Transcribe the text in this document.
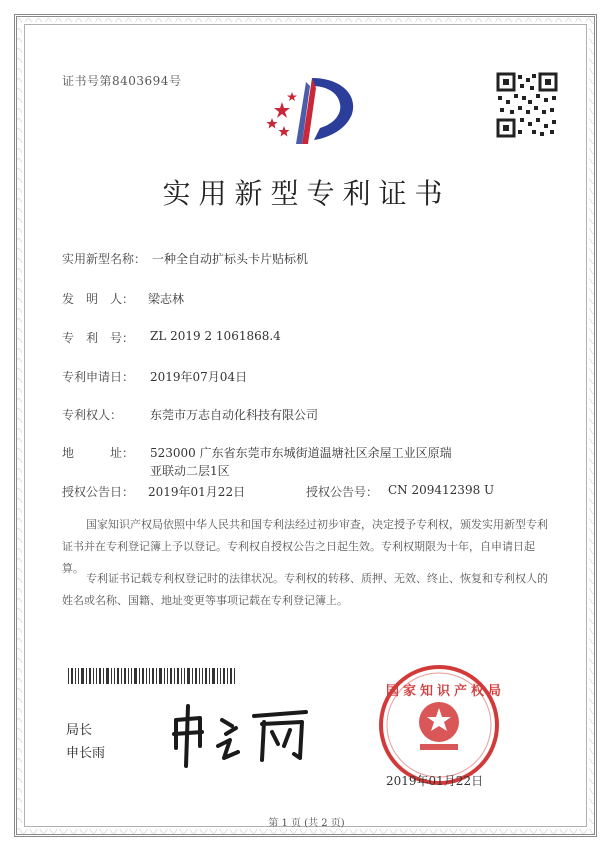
证书号第8403694号
实用新型专利证书
实用新型名称： 一种全自动扩标头卡片贴标机
发　明　人： 梁志林
专　利　号： ZL 2019 2 1061868.4
专利申请日： 2019年07月04日
专利权人： 东莞市万志自动化科技有限公司
地　　　址： 523000 广东省东莞市东城街道温塘社区余屋工业区原瑞
亚联动二层1区
授权公告日： 2019年01月22日	授权公告号： CN 209412398 U
国家知识产权局依照中华人民共和国专利法经过初步审查，决定授予专利权，颁发实用新型专利证书并在专利登记簿上予以登记。专利权自授权公告之日起生效。专利权期限为十年，自申请日起算。
专利证书记载专利权登记时的法律状况。专利权的转移、质押、无效、终止、恢复和专利权人的姓名或名称、国籍、地址变更等事项记载在专利登记簿上。
局长
申长雨
国家知识产权局
2019年01月22日
第 1 页 (共 2 页)
